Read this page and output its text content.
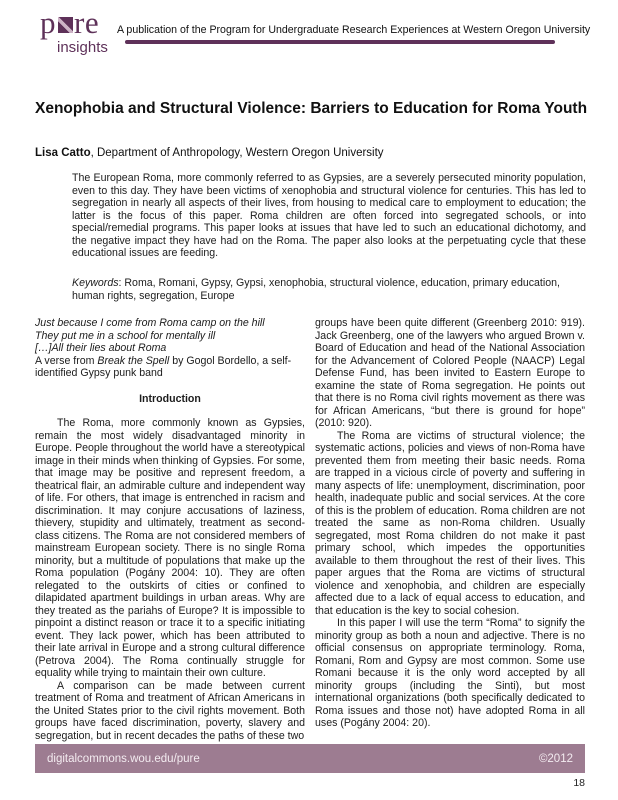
p re
insights
A publication of the Program for Undergraduate Research Experiences at Western Oregon University
Xenophobia and Structural Violence: Barriers to Education for Roma Youth
Lisa Catto, Department of Anthropology, Western Oregon University
The European Roma, more commonly referred to as Gypsies, are a severely persecuted minority population, even to this day. They have been victims of xenophobia and structural violence for centuries. This has led to segregation in nearly all aspects of their lives, from housing to medical care to employment to education; the latter is the focus of this paper. Roma children are often forced into segregated schools, or into special/remedial programs. This paper looks at issues that have led to such an educational dichotomy, and the negative impact they have had on the Roma. The paper also looks at the perpetuating cycle that these educational issues are feeding.
Keywords: Roma, Romani, Gypsy, Gypsi, xenophobia, structural violence, education, primary education, human rights, segregation, Europe
Just because I come from Roma camp on the hill
They put me in a school for mentally ill
[…]All their lies about Roma
A verse from Break the Spell by Gogol Bordello, a self-identified Gypsy punk band
Introduction

The Roma, more commonly known as Gypsies, remain the most widely disadvantaged minority in Europe. People throughout the world have a stereotypical image in their minds when thinking of Gypsies. For some, that image may be positive and represent freedom, a theatrical flair, an admirable culture and independent way of life. For others, that image is entrenched in racism and discrimination. It may conjure accusations of laziness, thievery, stupidity and ultimately, treatment as second-class citizens. The Roma are not considered members of mainstream European society. There is no single Roma minority, but a multitude of populations that make up the Roma population (Pogány 2004: 10). They are often relegated to the outskirts of cities or confined to dilapidated apartment buildings in urban areas. Why are they treated as the pariahs of Europe? It is impossible to pinpoint a distinct reason or trace it to a specific initiating event. They lack power, which has been attributed to their late arrival in Europe and a strong cultural difference (Petrova 2004). The Roma continually struggle for equality while trying to maintain their own culture.

A comparison can be made between current treatment of Roma and treatment of African Americans in the United States prior to the civil rights movement. Both groups have faced discrimination, poverty, slavery and segregation, but in recent decades the paths of these two

groups have been quite different (Greenberg 2010: 919). Jack Greenberg, one of the lawyers who argued Brown v. Board of Education and head of the National Association for the Advancement of Colored People (NAACP) Legal Defense Fund, has been invited to Eastern Europe to examine the state of Roma segregation. He points out that there is no Roma civil rights movement as there was for African Americans, “but there is ground for hope” (2010: 920).

The Roma are victims of structural violence; the systematic actions, policies and views of non-Roma have prevented them from meeting their basic needs. Roma are trapped in a vicious circle of poverty and suffering in many aspects of life: unemployment, discrimination, poor health, inadequate public and social services. At the core of this is the problem of education. Roma children are not treated the same as non-Roma children. Usually segregated, most Roma children do not make it past primary school, which impedes the opportunities available to them throughout the rest of their lives. This paper argues that the Roma are victims of structural violence and xenophobia, and children are especially affected due to a lack of equal access to education, and that education is the key to social cohesion.

In this paper I will use the term “Roma” to signify the minority group as both a noun and adjective. There is no official consensus on appropriate terminology. Roma, Romani, Rom and Gypsy are most common. Some use Romani because it is the only word accepted by all minority groups (including the Sinti), but most international organizations (both specifically dedicated to Roma issues and those not) have adopted Roma in all uses (Pogány 2004: 20).

digitalcommons.wou.edu/pure	©2012
18
